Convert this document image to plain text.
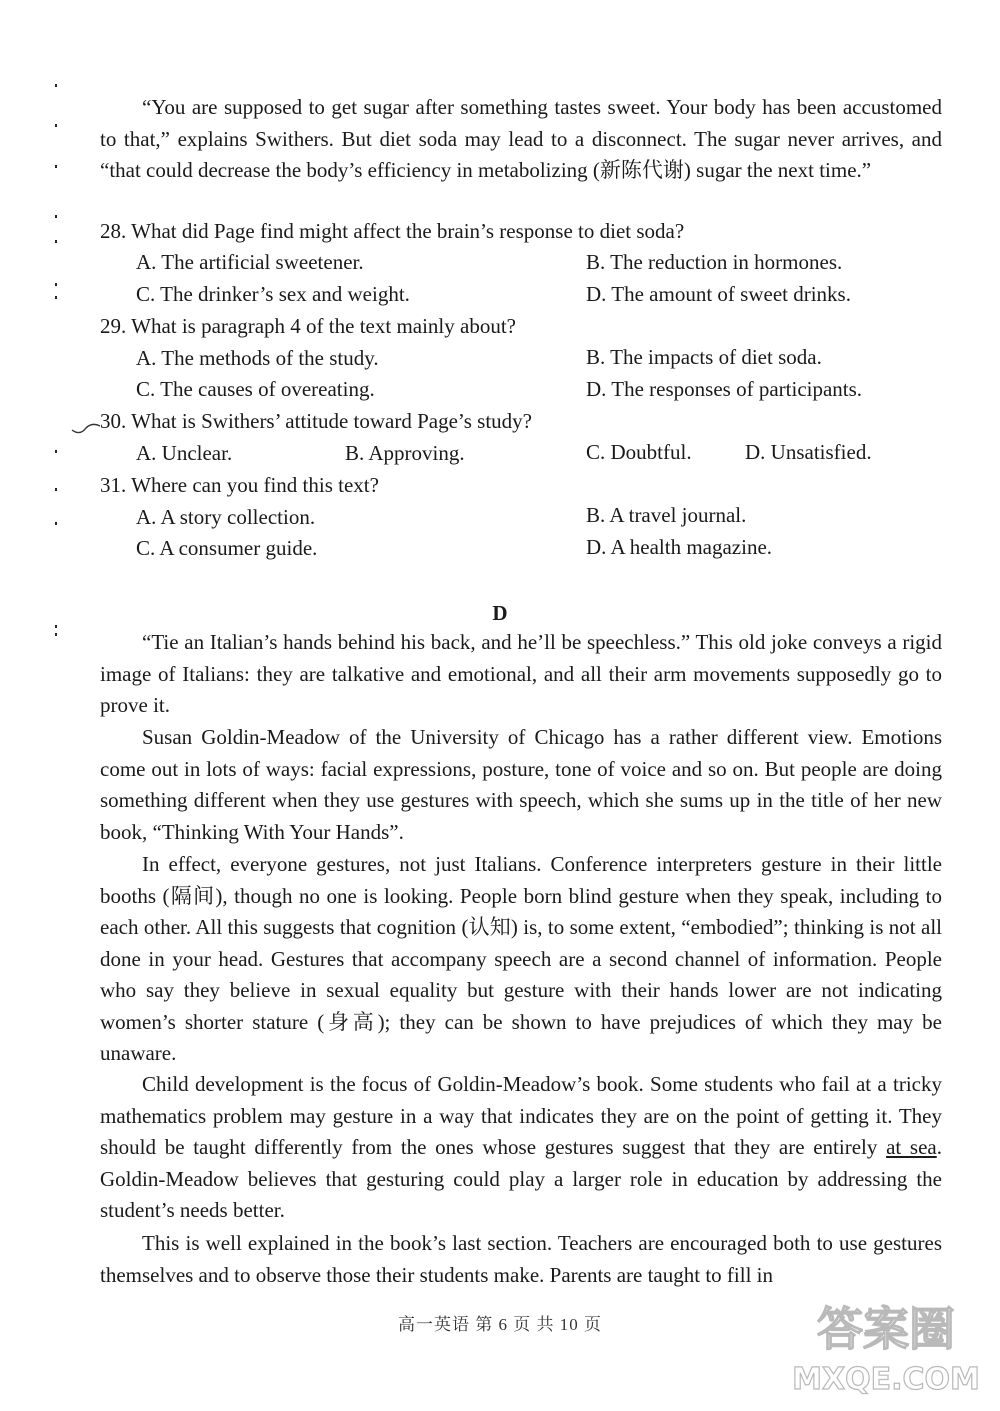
“You are supposed to get sugar after something tastes sweet. Your body has been accustomed to that,” explains Swithers. But diet soda may lead to a disconnect. The sugar never arrives, and “that could decrease the body’s efficiency in metabolizing (新陈代谢) sugar the next time.”

28. What did Page find might affect the brain’s response to diet soda?
A. The artificial sweetener.	B. The reduction in hormones.
C. The drinker’s sex and weight.	D. The amount of sweet drinks.
29. What is paragraph 4 of the text mainly about?
A. The methods of the study.	B. The impacts of diet soda.
C. The causes of overeating.	D. The responses of participants.
30. What is Swithers’ attitude toward Page’s study?
A. Unclear.	B. Approving.	C. Doubtful.	D. Unsatisfied.
31. Where can you find this text?
A. A story collection.	B. A travel journal.
C. A consumer guide.	D. A health magazine.
D

“Tie an Italian’s hands behind his back, and he’ll be speechless.” This old joke conveys a rigid image of Italians: they are talkative and emotional, and all their arm movements supposedly go to prove it.

Susan Goldin-Meadow of the University of Chicago has a rather different view. Emotions come out in lots of ways: facial expressions, posture, tone of voice and so on. But people are doing something different when they use gestures with speech, which she sums up in the title of her new book, “Thinking With Your Hands”.

In effect, everyone gestures, not just Italians. Conference interpreters gesture in their little booths (隔间), though no one is looking. People born blind gesture when they speak, including to each other. All this suggests that cognition (认知) is, to some extent, “embodied”; thinking is not all done in your head. Gestures that accompany speech are a second channel of information. People who say they believe in sexual equality but gesture with their hands lower are not indicating women’s shorter stature (身高); they can be shown to have prejudices of which they may be unaware.

Child development is the focus of Goldin-Meadow’s book. Some students who fail at a tricky mathematics problem may gesture in a way that indicates they are on the point of getting it. They should be taught differently from the ones whose gestures suggest that they are entirely at sea. Goldin-Meadow believes that gesturing could play a larger role in education by addressing the student’s needs better.

This is well explained in the book’s last section. Teachers are encouraged both to use gestures themselves and to observe those their students make. Parents are taught to fill in

高一英语 第 6 页 共 10 页	答案圈
MXQE.COM
